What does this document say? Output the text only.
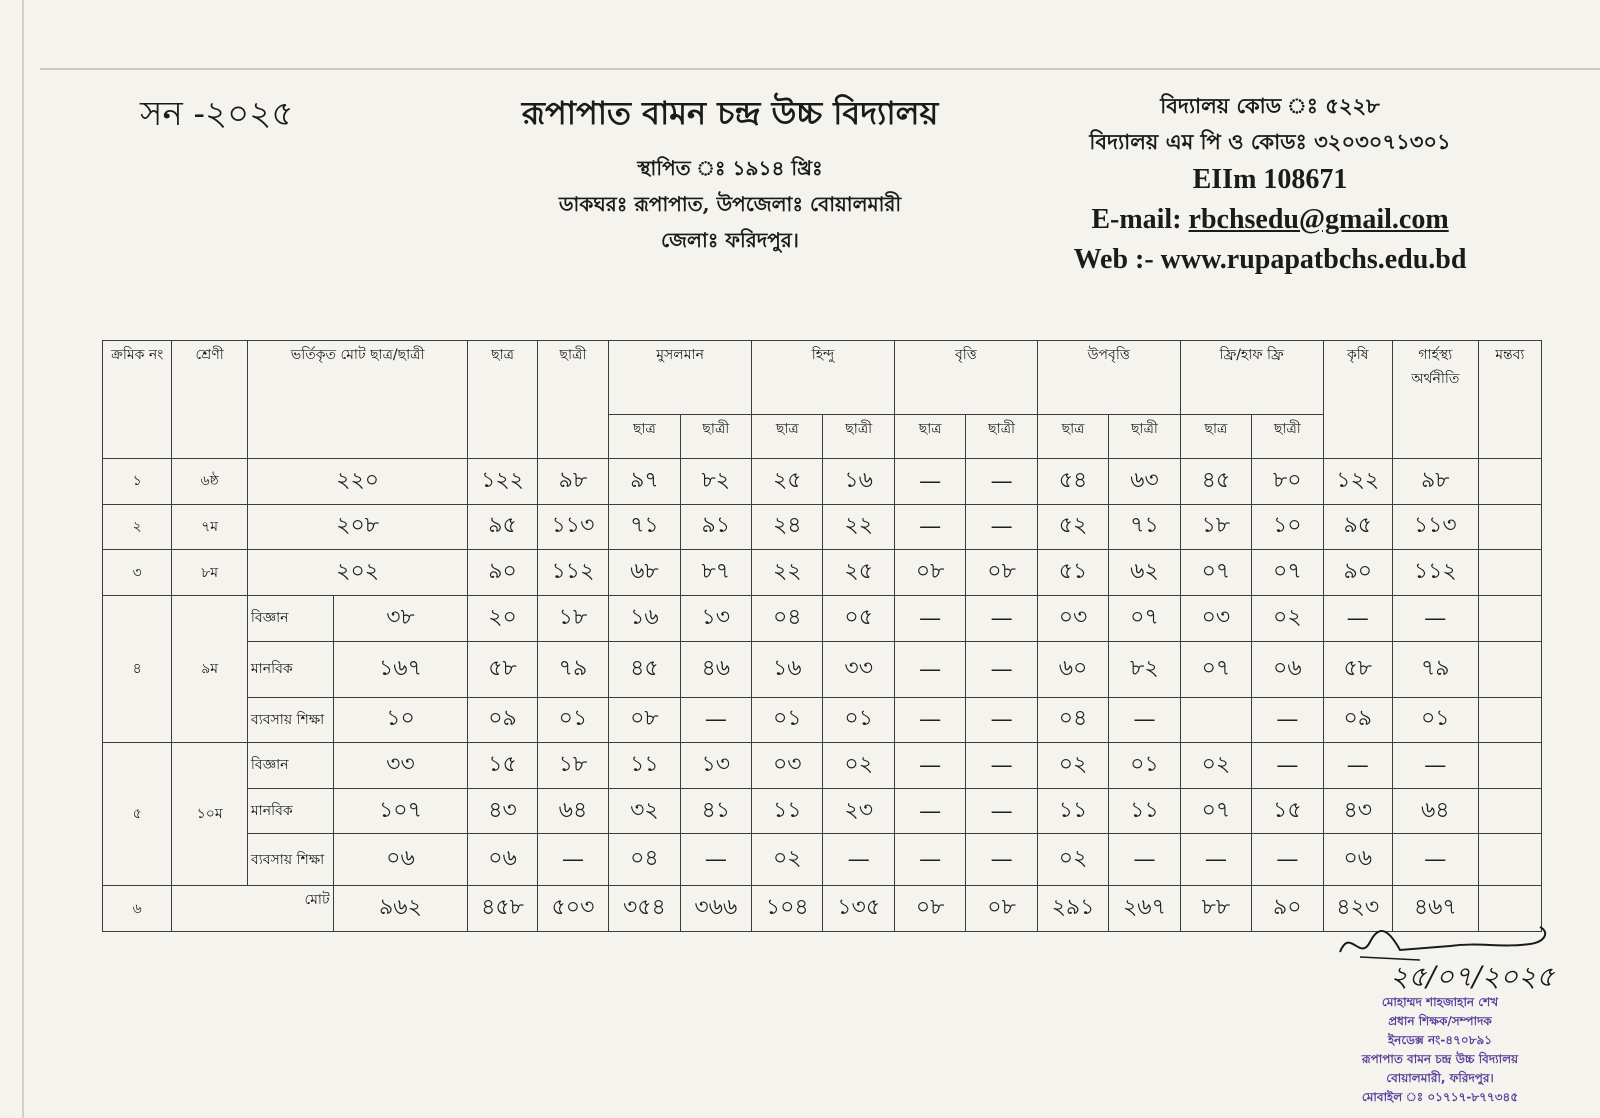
সন -২০২৫	রূপাপাত বামন চন্দ্র উচ্চ বিদ্যালয়
স্থাপিত ঃ ১৯১৪ খ্রিঃ
ডাকঘরঃ রূপাপাত, উপজেলাঃ বোয়ালমারী
জেলাঃ ফরিদপুর।
বিদ্যালয় কোড ঃ ৫২২৮
বিদ্যালয় এম পি ও কোডঃ ৩২০৩০৭১৩০১
EIIm 108671
E-mail: rbchsedu@gmail.com
Web :- www.rupapatbchs.edu.bd
ক্রমিক নং	শ্রেণী	ভর্তিকৃত মোট ছাত্র/ছাত্রী		ছাত্র	ছাত্রী	মুসলমান		হিন্দু		বৃত্তি		উপবৃত্তি		ফ্রি/হাফ ফ্রি		কৃষি	গার্হস্থ্য অর্থনীতি	মন্তব্য
						ছাত্র	ছাত্রী	ছাত্র	ছাত্রী	ছাত্র	ছাত্রী	ছাত্র	ছাত্রী	ছাত্র	ছাত্রী			
১	৬ষ্ঠ	২২০		১২২	৯৮	৯৭	৮২	২৫	১৬	—	—	৫৪	৬৩	৪৫	৮০	১২২	৯৮	
২	৭ম	২০৮		৯৫	১১৩	৭১	৯১	২৪	২২	—	—	৫২	৭১	১৮	১০	৯৫	১১৩	
৩	৮ম	২০২		৯০	১১২	৬৮	৮৭	২২	২৫	০৮	০৮	৫১	৬২	০৭	০৭	৯০	১১২	
৪	৯ম	বিজ্ঞান	৩৮	২০	১৮	১৬	১৩	০৪	০৫	—	—	০৩	০৭	০৩	০২	—	—	
		মানবিক	১৬৭	৫৮	৭৯	৪৫	৪৬	১৬	৩৩	—	—	৬০	৮২	০৭	০৬	৫৮	৭৯	
		ব্যবসায় শিক্ষা	১০	০৯	০১	০৮	—	০১	০১	—	—	০৪	—		—	০৯	০১	
৫	১০ম	বিজ্ঞান	৩৩	১৫	১৮	১১	১৩	০৩	০২	—	—	০২	০১	০২	—	—	—	
		মানবিক	১০৭	৪৩	৬৪	৩২	৪১	১১	২৩	—	—	১১	১১	০৭	১৫	৪৩	৬৪	
		ব্যবসায় শিক্ষা	০৬	০৬	—	০৪	—	০২	—	—	—	০২	—	—	—	০৬	—	
৬	মোট		৯৬২	৪৫৮	৫০৩	৩৫৪	৩৬৬	১০৪	১৩৫	০৮	০৮	২৯১	২৬৭	৮৮	৯০	৪২৩	৪৬৭	
২৫/০৭/২০২৫
মোহাম্মদ শাহজাহান শেখ
প্রধান শিক্ষক/সম্পাদক
ইনডেক্স নং-৪৭০৮৯১
রূপাপাত বামন চন্দ্র উচ্চ বিদ্যালয়
বোয়ালমারী, ফরিদপুর।
মোবাইল ঃ ০১৭১৭-৮৭৭৩৪৫
